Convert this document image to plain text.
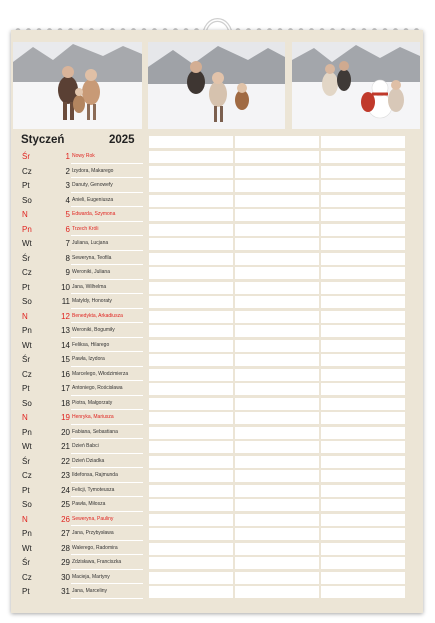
Styczeń	2025
Śr	1 Nowy Rok
Cz	2 Izydora, Makarego
Pt	3 Danuty, Genowefy
So	4 Anieli, Eugeniusza
N	5 Edwarda, Szymona
Pn	6 Trzech Króli
Wt	7 Juliana, Lucjana
Śr	8 Seweryna, Teofila
Cz	9 Weroniki, Juliana
Pt	10 Jana, Wilhelma
So	11 Matyldy, Honoraty
N	12 Benedykta, Arkadiusza
Pn	13 Weroniki, Bogumiły
Wt	14 Feliksa, Hilarego
Śr	15 Pawła, Izydora
Cz	16 Marcelego, Włodzimierza
Pt	17 Antoniego, Rościsława
So	18 Piotra, Małgorzaty
N	19 Henryka, Mariusza
Pn	20 Fabiana, Sebastiana
Wt	21 Dzień Babci
Śr	22 Dzień Dziadka
Cz	23 Ildefonsa, Rajmunda
Pt	24 Felicji, Tymoteusza
So	25 Pawła, Miłosza
N	26 Seweryna, Paulinу
Pn	27 Jana, Przybysława
Wt	28 Walerego, Radomira
Śr	29 Zdzisława, Franciszka
Cz	30 Macieja, Martyny
Pt	31 Jana, Marceliny
